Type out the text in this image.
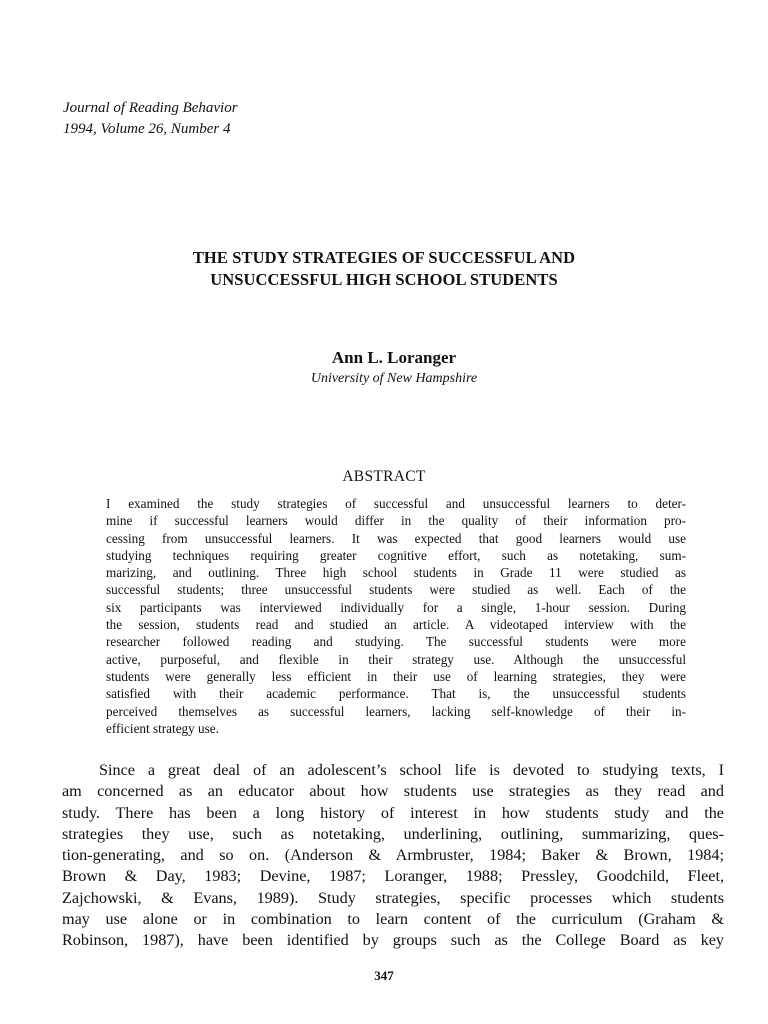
Journal of Reading Behavior
1994, Volume 26, Number 4
THE STUDY STRATEGIES OF SUCCESSFUL AND
UNSUCCESSFUL HIGH SCHOOL STUDENTS
Ann L. Loranger
University of New Hampshire
ABSTRACT
I examined the study strategies of successful and unsuccessful learners to deter-
mine if successful learners would differ in the quality of their information pro-
cessing from unsuccessful learners. It was expected that good learners would use
studying techniques requiring greater cognitive effort, such as notetaking, sum-
marizing, and outlining. Three high school students in Grade 11 were studied as
successful students; three unsuccessful students were studied as well. Each of the
six participants was interviewed individually for a single, 1-hour session. During
the session, students read and studied an article. A videotaped interview with the
researcher followed reading and studying. The successful students were more
active, purposeful, and flexible in their strategy use. Although the unsuccessful
students were generally less efficient in their use of learning strategies, they were
satisfied with their academic performance. That is, the unsuccessful students
perceived themselves as successful learners, lacking self-knowledge of their in-
efficient strategy use.
Since a great deal of an adolescent’s school life is devoted to studying texts, I
am concerned as an educator about how students use strategies as they read and
study. There has been a long history of interest in how students study and the
strategies they use, such as notetaking, underlining, outlining, summarizing, ques-
tion-generating, and so on. (Anderson & Armbruster, 1984; Baker & Brown, 1984;
Brown & Day, 1983; Devine, 1987; Loranger, 1988; Pressley, Goodchild, Fleet,
Zajchowski, & Evans, 1989). Study strategies, specific processes which students
may use alone or in combination to learn content of the curriculum (Graham &
Robinson, 1987), have been identified by groups such as the College Board as key
347
